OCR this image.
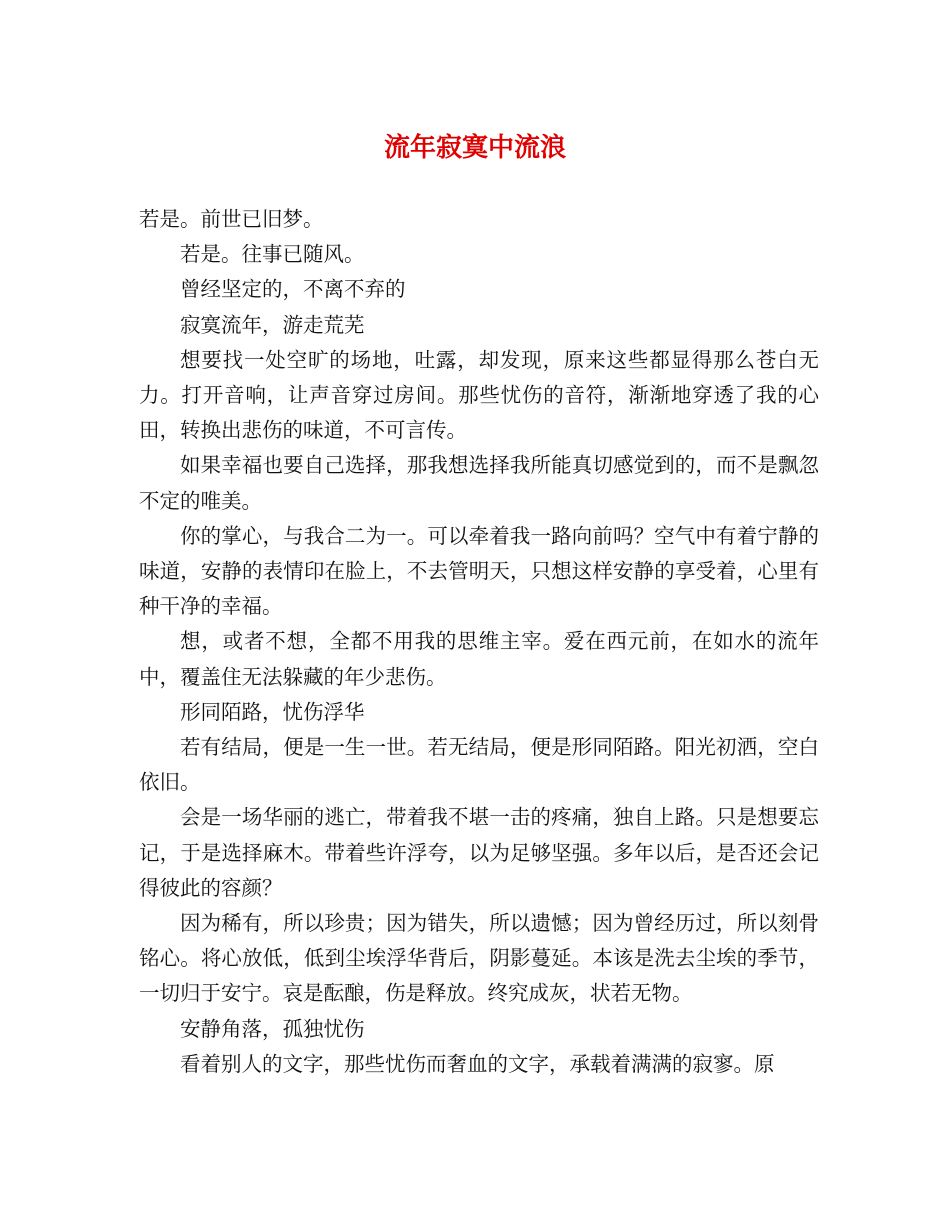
流年寂寞中流浪

若是。前世已旧梦。

若是。往事已随风。

曾经坚定的，不离不弃的

寂寞流年，游走荒芜

想要找一处空旷的场地，吐露，却发现，原来这些都显得那么苍白无力。打开音响，让声音穿过房间。那些忧伤的音符，渐渐地穿透了我的心田，转换出悲伤的味道，不可言传。

如果幸福也要自己选择，那我想选择我所能真切感觉到的，而不是飘忽不定的唯美。

你的掌心，与我合二为一。可以牵着我一路向前吗？空气中有着宁静的味道，安静的表情印在脸上，不去管明天，只想这样安静的享受着，心里有种干净的幸福。

想，或者不想，全都不用我的思维主宰。爱在西元前，在如水的流年中，覆盖住无法躲藏的年少悲伤。

形同陌路，忧伤浮华

若有结局，便是一生一世。若无结局，便是形同陌路。阳光初洒，空白依旧。

会是一场华丽的逃亡，带着我不堪一击的疼痛，独自上路。只是想要忘记，于是选择麻木。带着些许浮夸，以为足够坚强。多年以后，是否还会记得彼此的容颜？

因为稀有，所以珍贵；因为错失，所以遗憾；因为曾经历过，所以刻骨铭心。将心放低，低到尘埃浮华背后，阴影蔓延。本该是洗去尘埃的季节，一切归于安宁。哀是酝酿，伤是释放。终究成灰，状若无物。

安静角落，孤独忧伤

看着别人的文字，那些忧伤而奢血的文字，承载着满满的寂寥。原
